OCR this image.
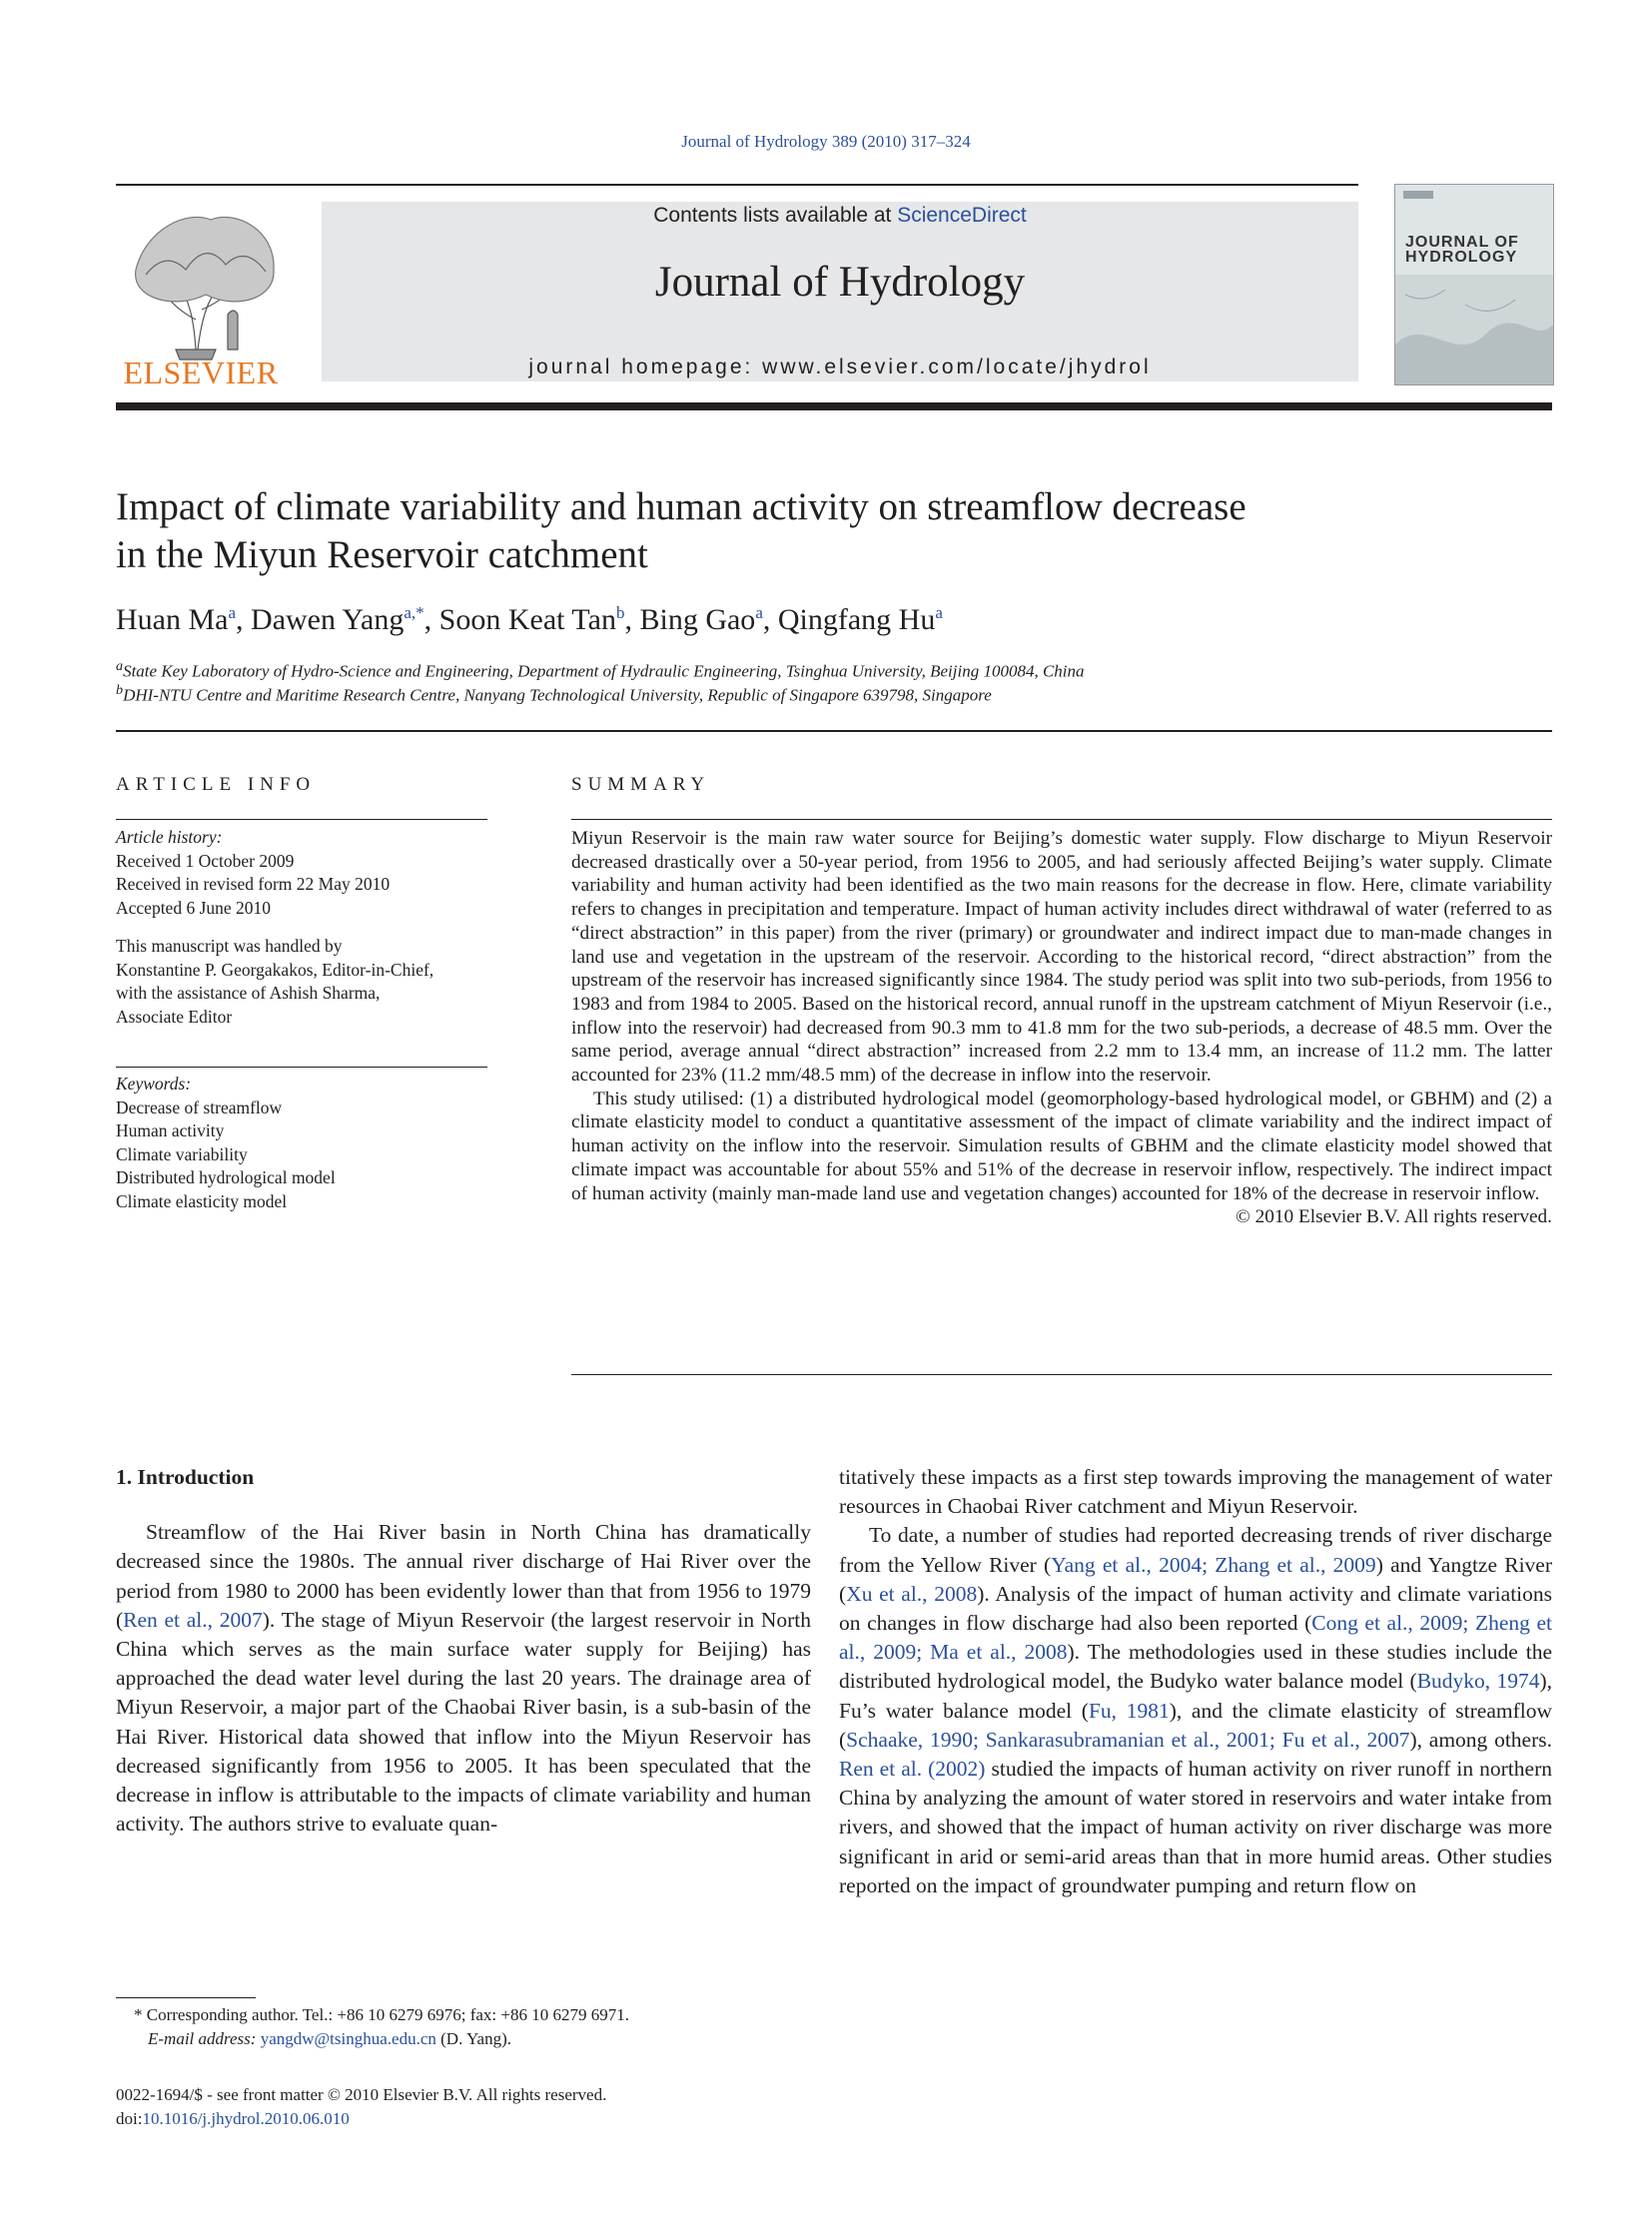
Journal of Hydrology 389 (2010) 317–324
ELSEVIER
Contents lists available at ScienceDirect
Journal of Hydrology
journal homepage: www.elsevier.com/locate/jhydrol
JOURNAL OF HYDROLOGY
Impact of climate variability and human activity on streamflow decrease
in the Miyun Reservoir catchment
Huan Ma$^a$, Dawen Yang$^{a,*}$, Soon Keat Tan$^b$, Bing Gao$^a$, Qingfang Hu$^a$
$^a$State Key Laboratory of Hydro-Science and Engineering, Department of Hydraulic Engineering, Tsinghua University, Beijing 100084, China
$^b$DHI-NTU Centre and Maritime Research Centre, Nanyang Technological University, Republic of Singapore 639798, Singapore
ARTICLE INFO
Article history:
Received 1 October 2009
Received in revised form 22 May 2010
Accepted 6 June 2010
This manuscript was handled by
Konstantine P. Georgakakos, Editor-in-Chief,
with the assistance of Ashish Sharma,
Associate Editor
Keywords:
Decrease of streamflow
Human activity
Climate variability
Distributed hydrological model
Climate elasticity model
SUMMARY

Miyun Reservoir is the main raw water source for Beijing’s domestic water supply. Flow discharge to Miyun Reservoir decreased drastically over a 50-year period, from 1956 to 2005, and had seriously affected Beijing’s water supply. Climate variability and human activity had been identified as the two main reasons for the decrease in flow. Here, climate variability refers to changes in precipitation and temperature. Impact of human activity includes direct withdrawal of water (referred to as “direct abstraction” in this paper) from the river (primary) or groundwater and indirect impact due to man-made changes in land use and vegetation in the upstream of the reservoir. According to the historical record, “direct abstraction” from the upstream of the reservoir has increased significantly since 1984. The study period was split into two sub-periods, from 1956 to 1983 and from 1984 to 2005. Based on the historical record, annual runoff in the upstream catchment of Miyun Reservoir (i.e., inflow into the reservoir) had decreased from 90.3 mm to 41.8 mm for the two sub-periods, a decrease of 48.5 mm. Over the same period, average annual “direct abstraction” increased from 2.2 mm to 13.4 mm, an increase of 11.2 mm. The latter accounted for 23% (11.2 mm/48.5 mm) of the decrease in inflow into the reservoir.

This study utilised: (1) a distributed hydrological model (geomorphology-based hydrological model, or GBHM) and (2) a climate elasticity model to conduct a quantitative assessment of the impact of climate variability and the indirect impact of human activity on the inflow into the reservoir. Simulation results of GBHM and the climate elasticity model showed that climate impact was accountable for about 55% and 51% of the decrease in reservoir inflow, respectively. The indirect impact of human activity (mainly man-made land use and vegetation changes) accounted for 18% of the decrease in reservoir inflow.

© 2010 Elsevier B.V. All rights reserved.
1. Introduction
Streamflow of the Hai River basin in North China has dramatically decreased since the 1980s. The annual river discharge of Hai River over the period from 1980 to 2000 has been evidently lower than that from 1956 to 1979 (Ren et al., 2007). The stage of Miyun Reservoir (the largest reservoir in North China which serves as the main surface water supply for Beijing) has approached the dead water level during the last 20 years. The drainage area of Miyun Reservoir, a major part of the Chaobai River basin, is a sub-basin of the Hai River. Historical data showed that inflow into the Miyun Reservoir has decreased significantly from 1956 to 2005. It has been speculated that the decrease in inflow is attributable to the impacts of climate variability and human activity. The authors strive to evaluate quan-
titatively these impacts as a first step towards improving the management of water resources in Chaobai River catchment and Miyun Reservoir.
To date, a number of studies had reported decreasing trends of river discharge from the Yellow River (Yang et al., 2004; Zhang et al., 2009) and Yangtze River (Xu et al., 2008). Analysis of the impact of human activity and climate variations on changes in flow discharge had also been reported (Cong et al., 2009; Zheng et al., 2009; Ma et al., 2008). The methodologies used in these studies include the distributed hydrological model, the Budyko water balance model (Budyko, 1974), Fu’s water balance model (Fu, 1981), and the climate elasticity of streamflow (Schaake, 1990; Sankarasubramanian et al., 2001; Fu et al., 2007), among others. Ren et al. (2002) studied the impacts of human activity on river runoff in northern China by analyzing the amount of water stored in reservoirs and water intake from rivers, and showed that the impact of human activity on river discharge was more significant in arid or semi-arid areas than that in more humid areas. Other studies reported on the impact of groundwater pumping and return flow on
* Corresponding author. Tel.: +86 10 6279 6976; fax: +86 10 6279 6971.
E-mail address: yangdw@tsinghua.edu.cn (D. Yang).
0022-1694/$ - see front matter © 2010 Elsevier B.V. All rights reserved.
doi:10.1016/j.jhydrol.2010.06.010
